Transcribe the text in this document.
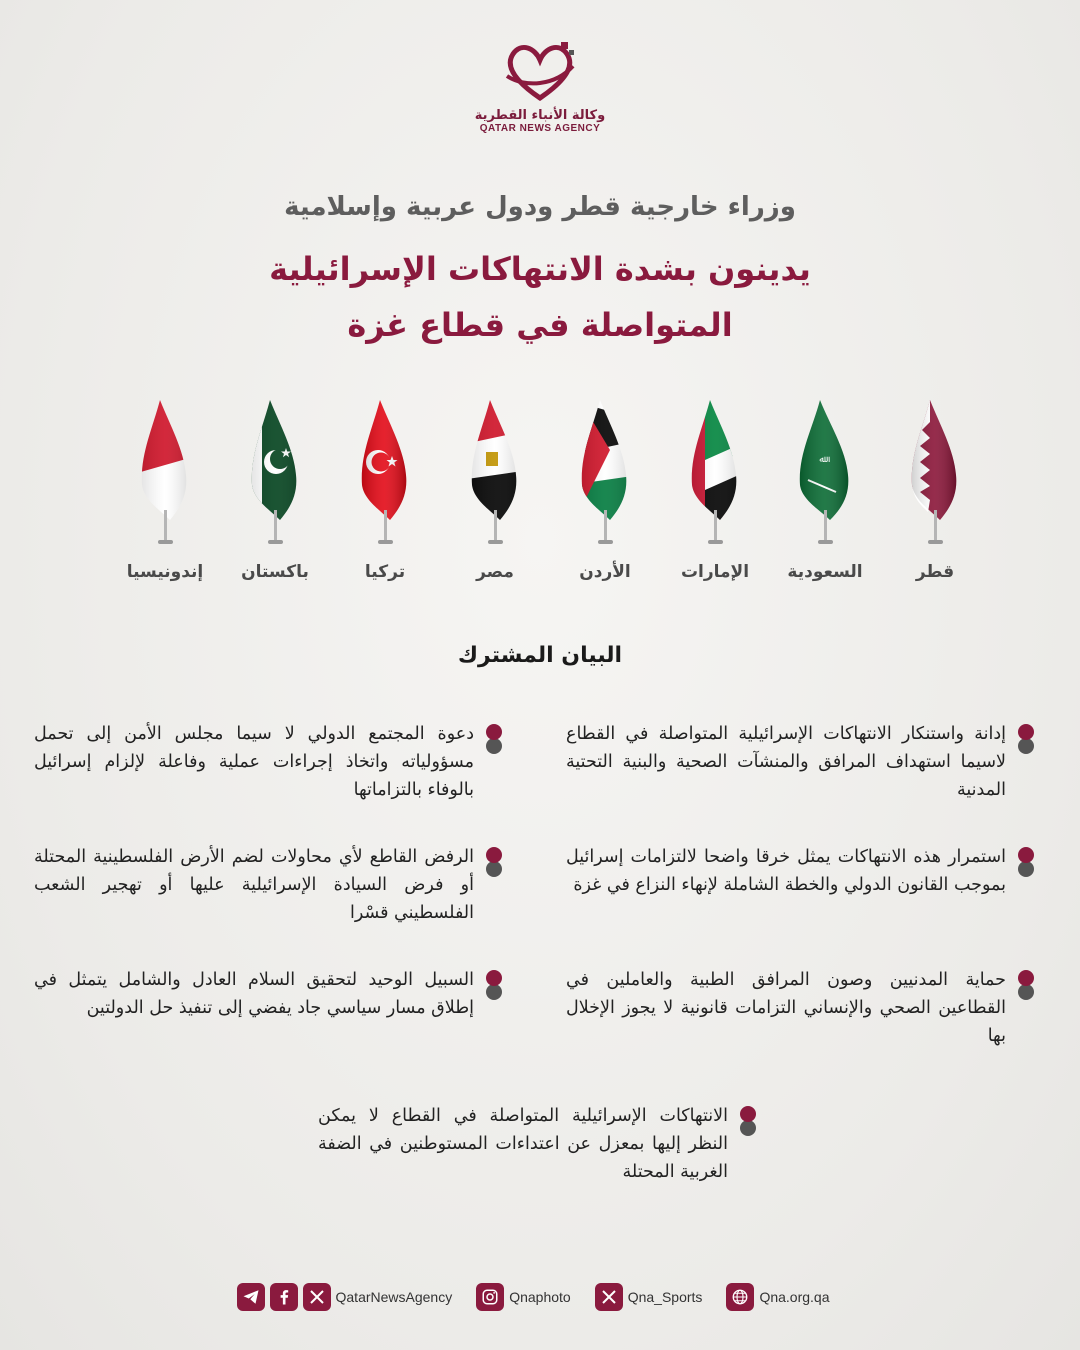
وكالة الأنباء القطرية
QATAR NEWS AGENCY
وزراء خارجية قطر ودول عربية وإسلامية
يدينون بشدة الانتهاكات الإسرائيلية
المتواصلة في قطاع غزة
قطر
السعودية
الإمارات
الأردن
مصر
تركيا
باكستان
إندونيسيا
البيان المشترك
إدانة واستنكار الانتهاكات الإسرائيلية المتواصلة في القطاع لاسيما استهداف المرافق والمنشآت الصحية والبنية التحتية المدنية
دعوة المجتمع الدولي لا سيما مجلس الأمن إلى تحمل مسؤولياته واتخاذ إجراءات عملية وفاعلة لإلزام إسرائيل بالوفاء بالتزاماتها
استمرار هذه الانتهاكات يمثل خرقا واضحا لالتزامات إسرائيل بموجب القانون الدولي والخطة الشاملة لإنهاء النزاع في غزة
الرفض القاطع لأي محاولات لضم الأرض الفلسطينية المحتلة أو فرض السيادة الإسرائيلية عليها أو تهجير الشعب الفلسطيني قسْرا
حماية المدنيين وصون المرافق الطبية والعاملين في القطاعين الصحي والإنساني التزامات قانونية لا يجوز الإخلال بها
السبيل الوحيد لتحقيق السلام العادل والشامل يتمثل في إطلاق مسار سياسي جاد يفضي إلى تنفيذ حل الدولتين
الانتهاكات الإسرائيلية المتواصلة في القطاع لا يمكن النظر إليها بمعزل عن اعتداءات المستوطنين في الضفة الغربية المحتلة
QatarNewsAgency	Qnaphoto	Qna_Sports	Qna.org.qa
